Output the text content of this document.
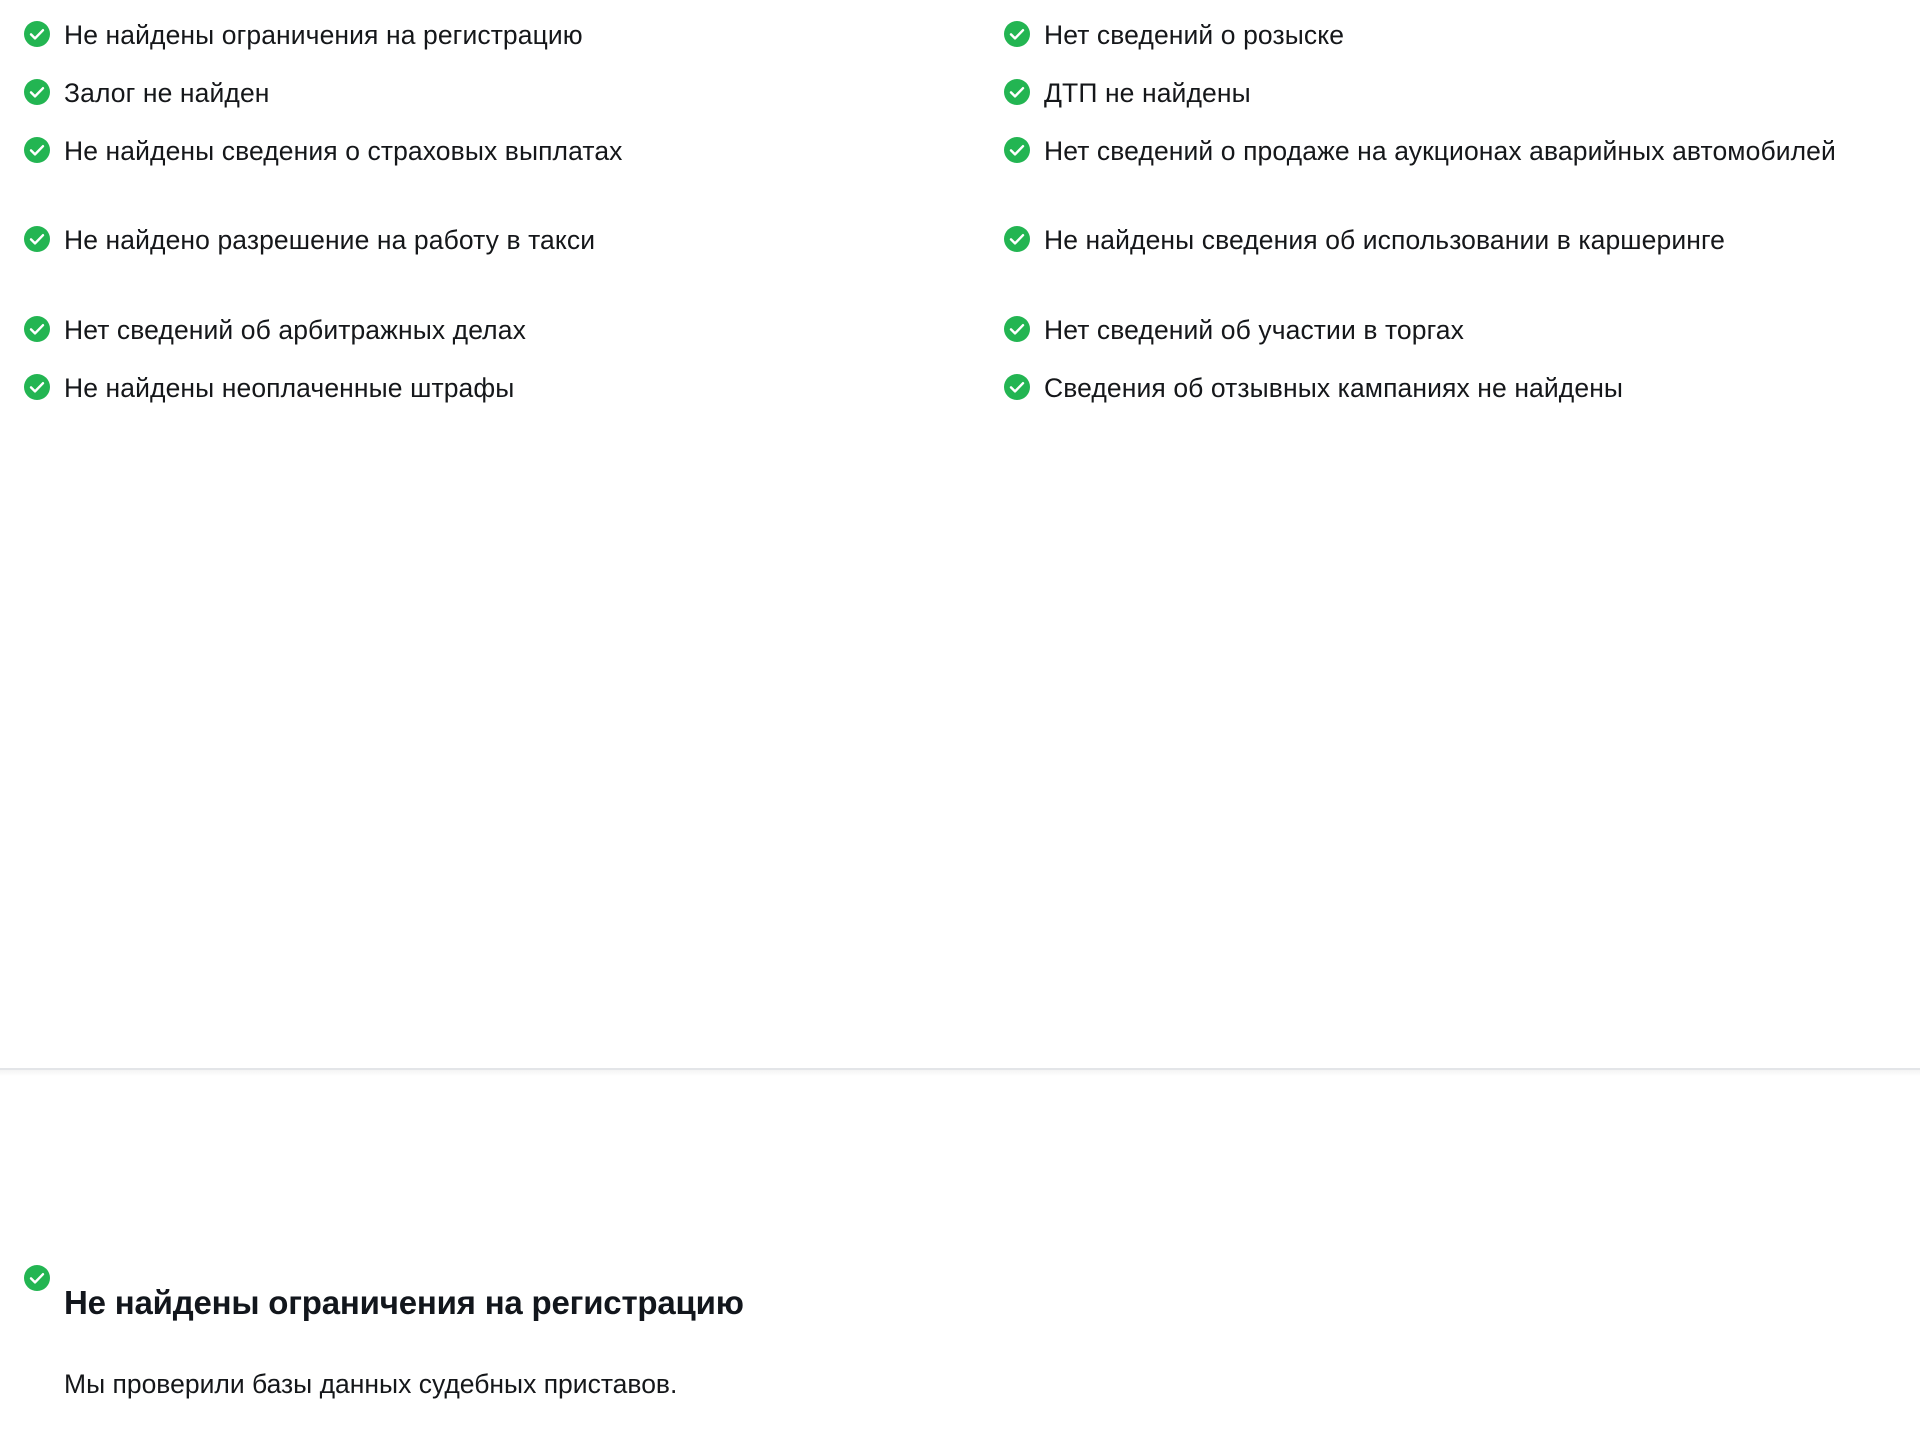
Не найдены ограничения на регистрацию
Залог не найден
Не найдены сведения о страховых выплатах
Не найдено разрешение на работу в такси
Нет сведений об арбитражных делах
Не найдены неоплаченные штрафы
Нет сведений о розыске
ДТП не найдены
Нет сведений о продаже на аукционах аварийных автомобилей
Не найдены сведения об использовании в каршеринге
Нет сведений об участии в торгах
Сведения об отзывных кампаниях не найдены
Не найдены ограничения на регистрацию

Мы проверили базы данных судебных приставов.
